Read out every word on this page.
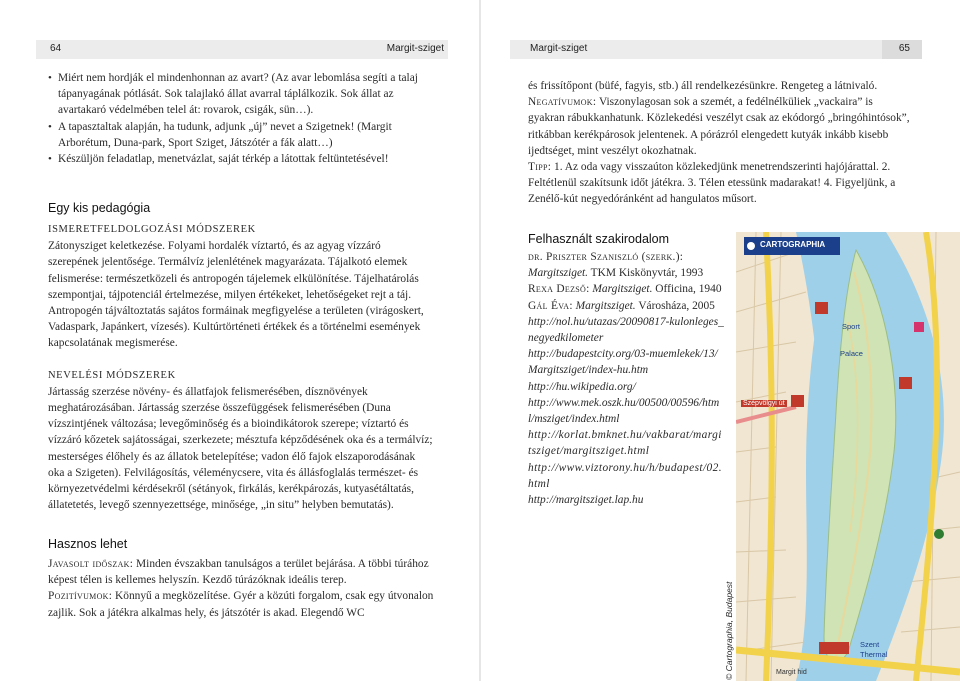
64	Margit-sziget	Margit-sziget	65
• Miért nem hordják el mindenhonnan az avart? (Az avar lebomlása segíti a talaj tápanyagának pótlását. Sok talajlakó állat avarral táplálkozik. Sok állat az avartakaró védelmében telel át: rovarok, csigák, sün…).
• A tapasztaltak alapján, ha tudunk, adjunk „új” nevet a Szigetnek! (Margit Arborétum, Duna-park, Sport Sziget, Játszótér a fák alatt…)
• Készüljön feladatlap, menetvázlat, saját térkép a látottak feltüntetésével!
Egy kis pedagógia

ISMERETFELDOLGOZÁSI MÓDSZEREK

Zátonysziget keletkezése. Folyami hordalék víztartó, és az agyag vízzáró szerepének jelentősége. Termálvíz jelenlétének magyarázata. Tájalkotó elemek felismerése: természetközeli és antropogén tájelemek elkülönítése. Tájelhatárolás szempontjai, tájpotenciál értelmezése, milyen értékeket, lehetőségeket rejt a táj. Antropogén tájváltoztatás sajátos formáinak megfigyelése a területen (virágoskert, Vadaspark, Japánkert, vízesés). Kultúrtörténeti értékek és a történelmi események kapcsolatának megismerése.

NEVELÉSI MÓDSZEREK

Jártasság szerzése növény- és állatfajok felismerésében, dísznövények meghatározásában. Jártasság szerzése összefüggések felismerésében (Duna vízszintjének változása; levegőminőség és a bioindikátorok szerepe; víztartó és vízzáró kőzetek sajátosságai, szerkezete; mésztufa képződésének oka és a termálvíz; mesterséges élőhely és az állatok betelepítése; vadon élő fajok elszaporodásának oka a Szigeten). Felvilágosítás, véleménycsere, vita és állásfoglalás természet- és környezetvédelmi kérdésekről (sétányok, firkálás, kerékpározás, kutyasétáltatás, állatetetés, levegő szennyezettsége, minősége, „in situ” helyben bemutatás).

Hasznos lehet

Javasolt időszak: Minden évszakban tanulságos a terület bejárása. A többi túrához képest télen is kellemes helyszín. Kezdő túrázóknak ideális terep.

Pozitívumok: Könnyű a megközelítése. Gyér a közúti forgalom, csak egy útvonalon zajlik. Sok a játékra alkalmas hely, és játszótér is akad. Elegendő WC

és frissítőpont (büfé, fagyis, stb.) áll rendelkezésünkre. Rengeteg a látnivaló.

Negatívumok: Viszonylagosan sok a szemét, a fedélnélküliek „vackaira” is gyakran rábukkanhatunk. Közlekedési veszélyt csak az ekódorgó „bringóhintósok”, ritkábban kerékpárosok jelentenek. A pórázról elengedett kutyák inkább kisebb ijedtséget, mint veszélyt okozhatnak.

Tipp: 1. Az oda vagy visszaúton közlekedjünk menetrendszerinti hajójárattal. 2. Feltétlenül szakítsunk időt játékra. 3. Télen etessünk madarakat! 4. Figyeljünk, a Zenélő-kút negyedóránként ad hangulatos műsort.

Felhasznált szakirodalom

dr. Priszter Szaniszló (szerk.): Margitsziget. TKM Kiskönyvtár, 1993

Rexa Dezső: Margitsziget. Officina, 1940

Gál Éva: Margitsziget. Városháza, 2005

http://nol.hu/utazas/20090817-kulonleges_negyedkilometer

http://budapestcity.org/03-muemlekek/13/Margitsziget/index-hu.htm

http://hu.wikipedia.org/

http://www.mek.oszk.hu/00500/00596/html/msziget/index.html

http://korlat.bmknet.hu/vakbarat/margitsziget/margitsziget.html

http://www.viztorony.hu/h/budapest/02.html

http://margitsziget.lap.hu

© Cartographia, Budapest
CARTOGRAPHIA
Sport
Palace
Szépvölgyi út
Szent
Thermal
Margit hid
